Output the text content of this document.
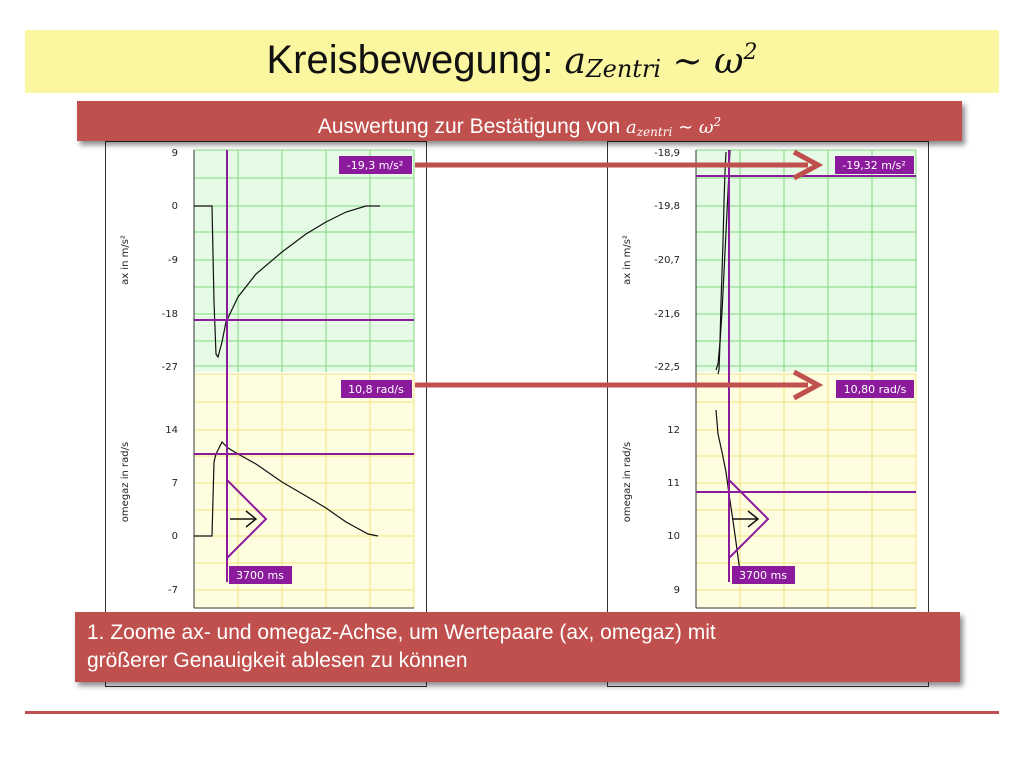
Kreisbewegung: $a_{Zentri}$ ∼ $\omega^2$
9
0
-9
-18
-27
14
7
0
-7
ax in m/s²
omegaz in rad/s
-19,3 m/s²
10,8 rad/s
3700 ms
-18,9
-19,8
-20,7
-21,6
-22,5
12
11
10
9
ax in m/s²
omegaz in rad/s
-19,32 m/s²
10,80 rad/s
3700 ms
Auswertung zur Bestätigung von $a_{zentri}$ ∼ $\omega^2$
1. Zoome ax- und omegaz-Achse, um Wertepaare (ax, omegaz) mit
größerer Genauigkeit ablesen zu können
